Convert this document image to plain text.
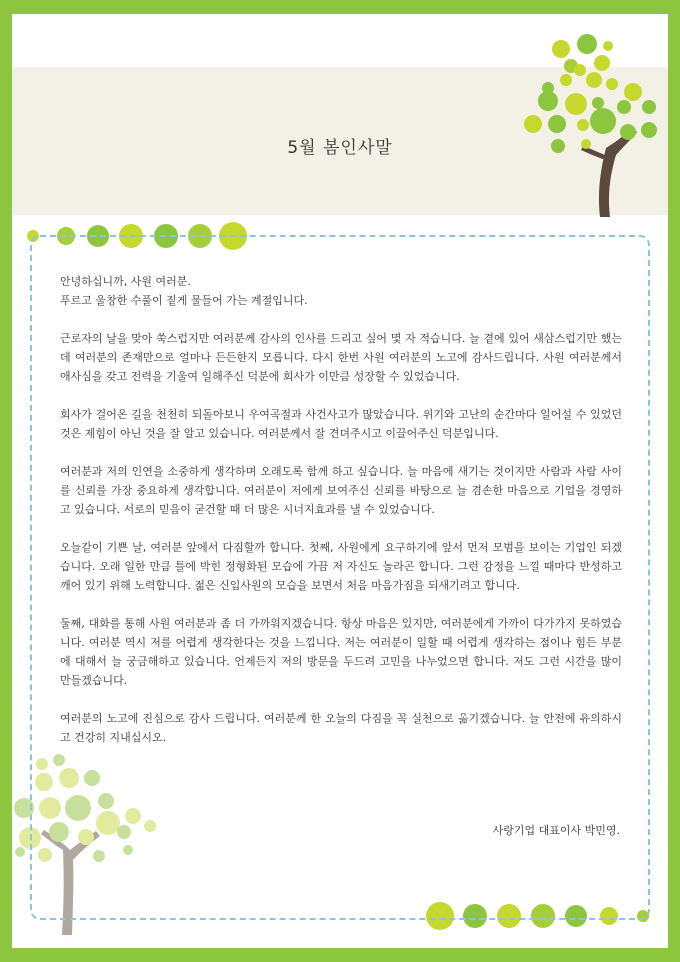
5월 봄인사말

안녕하십니까, 사원 여러분.
푸르고 울창한 수풀이 짙게 물들어 가는 계절입니다.

근로자의 날을 맞아 쑥스럽지만 여러분께 감사의 인사를 드리고 싶어 몇 자 적습니다. 늘 곁에 있어 새삼스럽기만 했는데 여러분의 존재만으로 얼마나 든든한지 모릅니다. 다시 한번 사원 여러분의 노고에 감사드립니다. 사원 여러분께서 애사심을 갖고 전력을 기울여 일해주신 덕분에 회사가 이만큼 성장할 수 있었습니다.

회사가 걸어온 길을 천천히 되돌아보니 우여곡절과 사건사고가 많았습니다. 위기와 고난의 순간마다 일어설 수 있었던 것은 제힘이 아닌 것을 잘 알고 있습니다. 여러분께서 잘 견뎌주시고 이끌어주신 덕분입니다.

여러분과 저의 인연을 소중하게 생각하며 오래도록 함께 하고 싶습니다. 늘 마음에 새기는 것이지만 사람과 사람 사이를 신뢰를 가장 중요하게 생각합니다. 여러분이 저에게 보여주신 신뢰를 바탕으로 늘 겸손한 마음으로 기업을 경영하고 있습니다. 서로의 믿음이 굳건할 때 더 많은 시너지효과를 낼 수 있었습니다.

오늘같이 기쁜 날, 여러분 앞에서 다짐할까 합니다. 첫째, 사원에게 요구하기에 앞서 먼저 모범을 보이는 기업인 되겠습니다. 오래 일한 만큼 틀에 박힌 정형화된 모습에 가끔 저 자신도 놀라곤 합니다. 그런 감정을 느낄 때마다 반성하고 깨어 있기 위해 노력합니다. 젊은 신입사원의 모습을 보면서 처음 마음가짐을 되새기려고 합니다.

둘째, 대화를 통해 사원 여러분과 좀 더 가까워지겠습니다. 항상 마음은 있지만, 여러분에게 가까이 다가가지 못하였습니다. 여러분 역시 저를 어렵게 생각한다는 것을 느낍니다. 저는 여러분이 일할 때 어렵게 생각하는 점이나 힘든 부분에 대해서 늘 궁금해하고 있습니다. 언제든지 저의 방문을 두드려 고민을 나누었으면 합니다. 저도 그런 시간을 많이 만들겠습니다.

여러분의 노고에 진심으로 감사 드립니다. 여러분께 한 오늘의 다짐을 꼭 실천으로 옮기겠습니다. 늘 안전에 유의하시고 건강히 지내십시오.

사랑기업 대표이사 박민영.
